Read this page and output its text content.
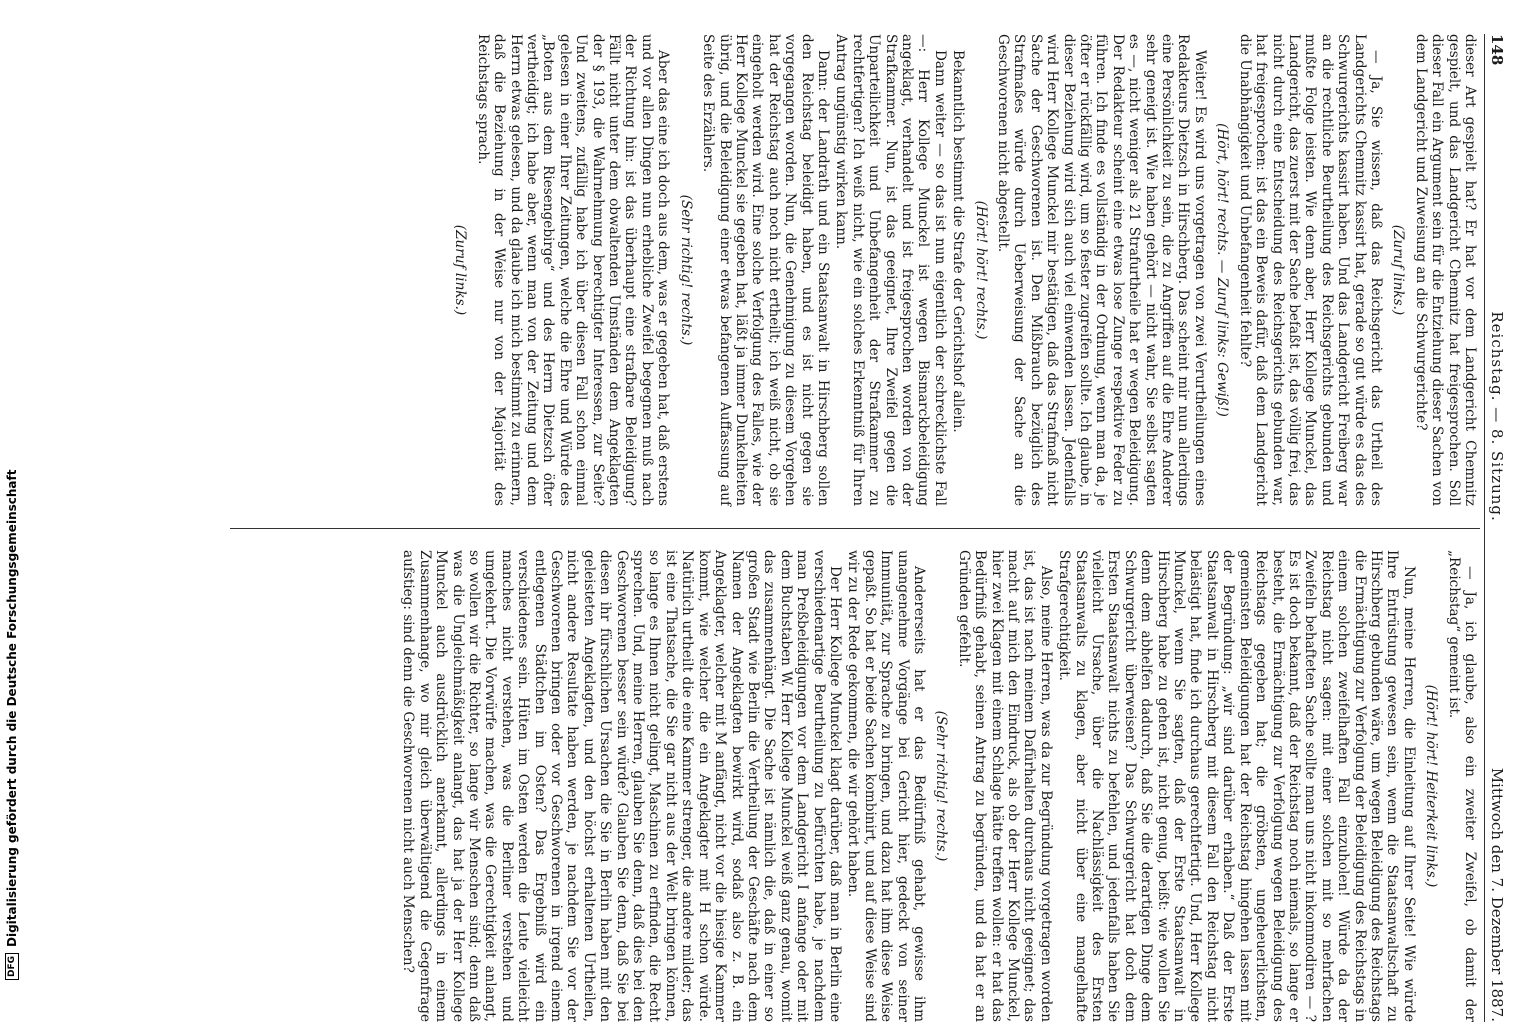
DFG
Digitalisierung gefördert durch die Deutsche Forschungsgemeinschaft
148
Reichstag. — 8. Sitzung.
Mittwoch den 7. Dezember 1887.

dieser Art gespielt hat? Er hat vor dem Landgericht Chemnitz gespielt, und das Landgericht Chemnitz hat freigesprochen. Soll dieser Fall ein Argument sein für die Entziehung dieser Sachen von dem Landgericht und Zuweisung an die Schwurgerichte?

(Zuruf links.)

— Ja, Sie wissen, daß das Reichsgericht das Urtheil des Landgerichts Chemnitz kassirt hat, gerade so gut würde es das des Schwurgerichts kassirt haben. Und das Landgericht Freiberg war an die rechtliche Beurtheilung des Reichsgerichts gebunden und mußte Folge leisten. Wie denn aber, Herr Kollege Munckel, das Landgericht, das zuerst mit der Sache befaßt ist, das völlig frei, das nicht durch eine Entscheidung des Reichsgerichts gebunden war, hat freigesprochen: ist das ein Beweis dafür, daß dem Landgericht die Unabhängigkeit und Unbefangenheit fehlte?

(Hört, hört! rechts. — Zuruf links: Gewiß!)

Weiter! Es wird uns vorgetragen von zwei Verurtheilungen eines Redakteurs Dietzsch in Hirschberg. Das scheint mir nun allerdings eine Persönlichkeit zu sein, die zu Angriffen auf die Ehre Anderer sehr geneigt ist. Wie haben gehört — nicht wahr, Sie selbst sagten es —, nicht weniger als 21 Strafurtheile hat er wegen Beleidigung. Der Redakteur scheint eine etwas lose Zunge respektive Feder zu führen. Ich finde es vollständig in der Ordnung, wenn man da, je öfter er rückfällig wird, um so fester zugreifen sollte. Ich glaube, in dieser Beziehung wird sich auch viel einwenden lassen. Jedenfalls wird Herr Kollege Munckel mir bestätigen, daß das Strafmaß nicht Sache der Geschworenen ist. Den Mißbrauch bezüglich des Strafmaßes würde durch Ueberweisung der Sache an die Geschworenen nicht abgestellt.

(Hört! hört! rechts.)

Bekanntlich bestimmt die Strafe der Gerichtshof allein.

Dann weiter — so das ist nun eigentlich der schrecklichste Fall —: Herr Kollege Munckel ist wegen Bismarckbeleidigung angeklagt, verhandelt und ist freigesprochen worden von der Strafkammer. Nun, ist das geeignet, Ihre Zweifel gegen die Unparteilichkeit und Unbefangenheit der Strafkammer zu rechtfertigen? Ich weiß nicht, wie ein solches Erkenntniß für Ihren Antrag ungünstig wirken kann.

Dann: der Landrath und ein Staatsanwalt in Hirschberg sollen den Reichstag beleidigt haben, und es ist nicht gegen sie vorgegangen worden. Nun, die Genehmigung zu diesem Vorgehen hat der Reichstag auch noch nicht ertheilt; ich weiß nicht, ob sie eingeholt werden wird. Eine solche Verfolgung des Falles, wie der Herr Kollege Munckel sie gegeben hat, läßt ja immer Dunkelheiten übrig, und die Beleidigung einer etwas befangenen Auffassung auf Seite des Erzählers.

(Sehr richtig! rechts.)

Aber das eine ich doch aus dem, was er gegeben hat, daß erstens und vor allen Dingen nun erhebliche Zweifel begegnen muß nach der Richtung hin: ist das überhaupt eine strafbare Beleidigung? Fällt nicht unter dem obwaltenden Umständen dem Angeklagten der § 193, die Wahrnehmung berechtigter Interessen, zur Seite? Und zweitens, zufällig habe ich über diesen Fall schon einmal gelesen in einer Ihrer Zeitungen, welche die Ehre und Würde des „Boten aus dem Riesengebirge“ und des Herrn Dietzsch öfter vertheidigt; ich habe aber, wenn man von der Zeitung und dem Herrn etwas gelesen, und da glaube ich mich bestimmt zu erinnern, daß die Beziehung in der Weise nur von der Majorität des Reichstags sprach.

(Zuruf links.)

— Ja, ich glaube, also ein zweiter Zweifel, ob damit der „Reichstag“ gemeint ist.

(Hört! hört! Heiterkeit links.)

Nun, meine Herren, die Einleitung auf Ihrer Seite! Wie würde Ihre Entrüstung gewesen sein, wenn die Staatsanwaltschaft zu Hirschberg gebunden wäre, um wegen Beleidigung des Reichstags die Ermächtigung zur Verfolgung der Beleidigung des Reichstags in einem solchen zweifelhaften Fall einzuholen! Würde da der Reichstag nicht sagen: mit einer solchen mit so mehrfachen Zweifeln behafteten Sache sollte man uns nicht inkommodiren — ? Es ist doch bekannt, daß der Reichstag noch niemals, so lange er besteht, die Ermächtigung zur Verfolgung wegen Beleidigung des Reichstags gegeben hat; die gröbsten, ungeheuerlichsten, gemeinsten Beleidigungen hat der Reichstag hingehen lassen mit der Begründung: „wir sind darüber erhaben.“ Daß der Erste Staatsanwalt in Hirschberg mit diesem Fall den Reichstag nicht belästigt hat, finde ich durchaus gerechtfertigt. Und, Herr Kollege Munckel, wenn Sie sagten, daß der Erste Staatsanwalt in Hirschberg habe zu gehen ist, nicht genug, beißt: wie wollen Sie denn dem abhelfen dadurch, daß Sie die derartigen Dinge dem Schwurgericht überweisen? Das Schwurgericht hat doch dem Ersten Staatsanwalt nichts zu befehlen, und jedenfalls haben Sie vielleicht Ursache, über die Nachlässigkeit des Ersten Staatsanwalts zu klagen, aber nicht über eine mangelhafte Strafgerechtigkeit.

Also, meine Herren, was da zur Begründung vorgetragen worden ist, das ist nach meinem Dafürhalten durchaus nicht geeignet; das macht auf mich den Eindruck, als ob der Herr Kollege Munckel, hier zwei Klagen mit einem Schlage hätte treffen wollen: er hat das Bedürfniß gehabt, seinen Antrag zu begründen, und da hat er an Gründen gefehlt.

(Sehr richtig! rechts.)

Andererseits hat er das Bedürfniß gehabt, gewisse ihm unangenehme Vorgänge bei Gericht hier, gedeckt von seiner Immunität, zur Sprache zu bringen, und dazu hat ihm diese Weise gepaßt. So hat er beide Sachen kombinirt, und auf diese Weise sind wir zu der Rede gekommen, die wir gehört haben.

Der Herr Kollege Munckel klagt darüber, daß man in Berlin eine verschiedenartige Beurtheilung zu befürchten habe, je nachdem man Preßbeleidigungen vor dem Landgericht I anfange oder mit dem Buchstaben W. Herr Kollege Munckel weiß ganz genau, womit das zusammenhängt. Die Sache ist nämlich die, daß in einer so großen Stadt wie Berlin die Vertheilung der Geschäfte nach dem Namen der Angeklagten bewirkt wird, sodaß also z. B. ein Angeklagter, welcher mit M anfängt, nicht vor die hiesige Kammer kommt, wie welcher die ein Angeklagter mit H schon würde. Natürlich urtheilt die eine Kammer strenger, die andere milder; das ist eine Thatsache, die Sie gar nicht aus der Welt bringen können, so lange es Ihnen nicht gelingt, Maschinen zu erfinden, die Recht sprechen. Und, meine Herren, glauben Sie denn, daß dies bei den Geschworenen besser sein würde? Glauben Sie denn, daß Sie bei diesen ihr fürschlichen Ursachen die Sie in Berlin haben mit den geleisteten Angeklagten, und den höchst erhaltenen Urtheilen, nicht andere Resultate haben werden, je nachdem Sie vor der Geschworenen bringen oder vor Geschworenen in irgend einem entlegenen Städtchen im Osten? Das Ergebniß wird ein verschiedenes sein. Hüten im Osten werden die Leute vielleicht manches nicht verstehen, was die Berliner verstehen und umgekehrt. Die Vorwürfe machen, was die Gerechtigkeit anlangt, so wollen wir die Richter, so lange wir Menschen sind; denn daß was die Ungleichmäßigkeit anlangt, das hat ja der Herr Kollege Munckel auch ausdrücklich anerkannt, allerdings in einem Zusammenhange, wo mir gleich überwältigend die Gegenfrage aufstieg: sind denn die Geschworenen nicht auch Menschen?
